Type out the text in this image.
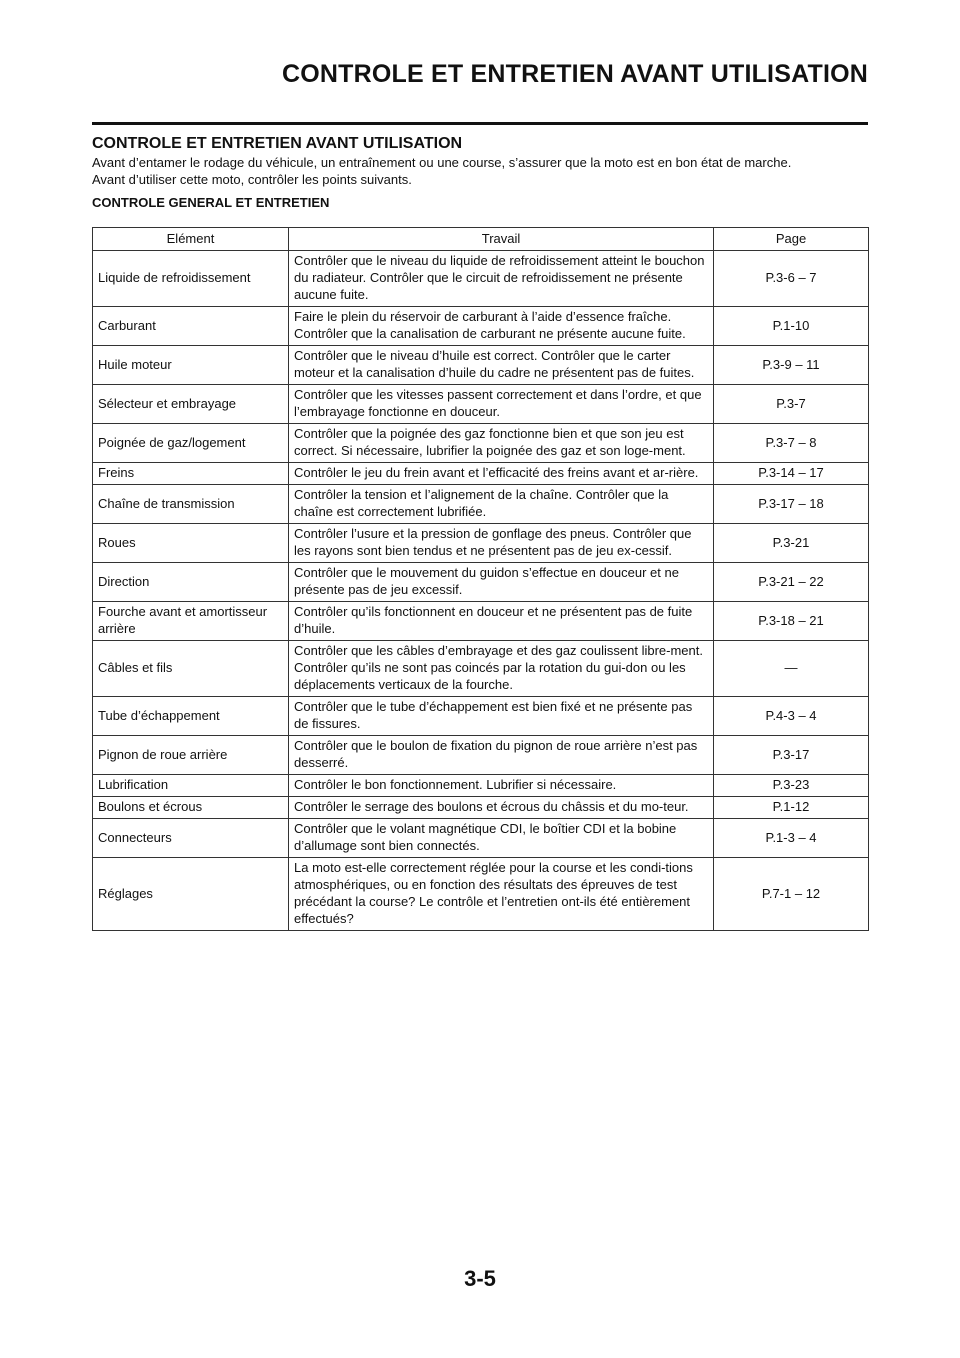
CONTROLE ET ENTRETIEN AVANT UTILISATION
CONTROLE ET ENTRETIEN AVANT UTILISATION

Avant d’entamer le rodage du véhicule, un entraînement ou une course, s’assurer que la moto est en bon état de marche.

Avant d’utiliser cette moto, contrôler les points suivants.

CONTROLE GENERAL ET ENTRETIEN
Elément	Travail	Page
Liquide de refroidissement	Contrôler que le niveau du liquide de refroidissement atteint le bouchon du radiateur. Contrôler que le circuit de refroidissement ne présente aucune fuite.	P.3-6 – 7
Carburant	Faire le plein du réservoir de carburant à l’aide d’essence fraîche. Contrôler que la canalisation de carburant ne présente aucune fuite.	P.1-10
Huile moteur	Contrôler que le niveau d’huile est correct. Contrôler que le carter moteur et la canalisation d’huile du cadre ne présentent pas de fuites.	P.3-9 – 11
Sélecteur et embrayage	Contrôler que les vitesses passent correctement et dans l’ordre, et que l’embrayage fonctionne en douceur.	P.3-7
Poignée de gaz/logement	Contrôler que la poignée des gaz fonctionne bien et que son jeu est correct. Si nécessaire, lubrifier la poignée des gaz et son loge-ment.	P.3-7 – 8
Freins	Contrôler le jeu du frein avant et l’efficacité des freins avant et ar-rière.	P.3-14 – 17
Chaîne de transmission	Contrôler la tension et l’alignement de la chaîne. Contrôler que la chaîne est correctement lubrifiée.	P.3-17 – 18
Roues	Contrôler l’usure et la pression de gonflage des pneus. Contrôler que les rayons sont bien tendus et ne présentent pas de jeu ex-cessif.	P.3-21
Direction	Contrôler que le mouvement du guidon s’effectue en douceur et ne présente pas de jeu excessif.	P.3-21 – 22
Fourche avant et amortisseur arrière	Contrôler qu’ils fonctionnent en douceur et ne présentent pas de fuite d’huile.	P.3-18 – 21
Câbles et fils	Contrôler que les câbles d’embrayage et des gaz coulissent libre-ment. Contrôler qu’ils ne sont pas coincés par la rotation du gui-don ou les déplacements verticaux de la fourche.	—
Tube d’échappement	Contrôler que le tube d’échappement est bien fixé et ne présente pas de fissures.	P.4-3 – 4
Pignon de roue arrière	Contrôler que le boulon de fixation du pignon de roue arrière n’est pas desserré.	P.3-17
Lubrification	Contrôler le bon fonctionnement. Lubrifier si nécessaire.	P.3-23
Boulons et écrous	Contrôler le serrage des boulons et écrous du châssis et du mo-teur.	P.1-12
Connecteurs	Contrôler que le volant magnétique CDI, le boîtier CDI et la bobine d’allumage sont bien connectés.	P.1-3 – 4
Réglages	La moto est-elle correctement réglée pour la course et les condi-tions atmosphériques, ou en fonction des résultats des épreuves de test précédant la course? Le contrôle et l’entretien ont-ils été entièrement effectués?	P.7-1 – 12
3-5
